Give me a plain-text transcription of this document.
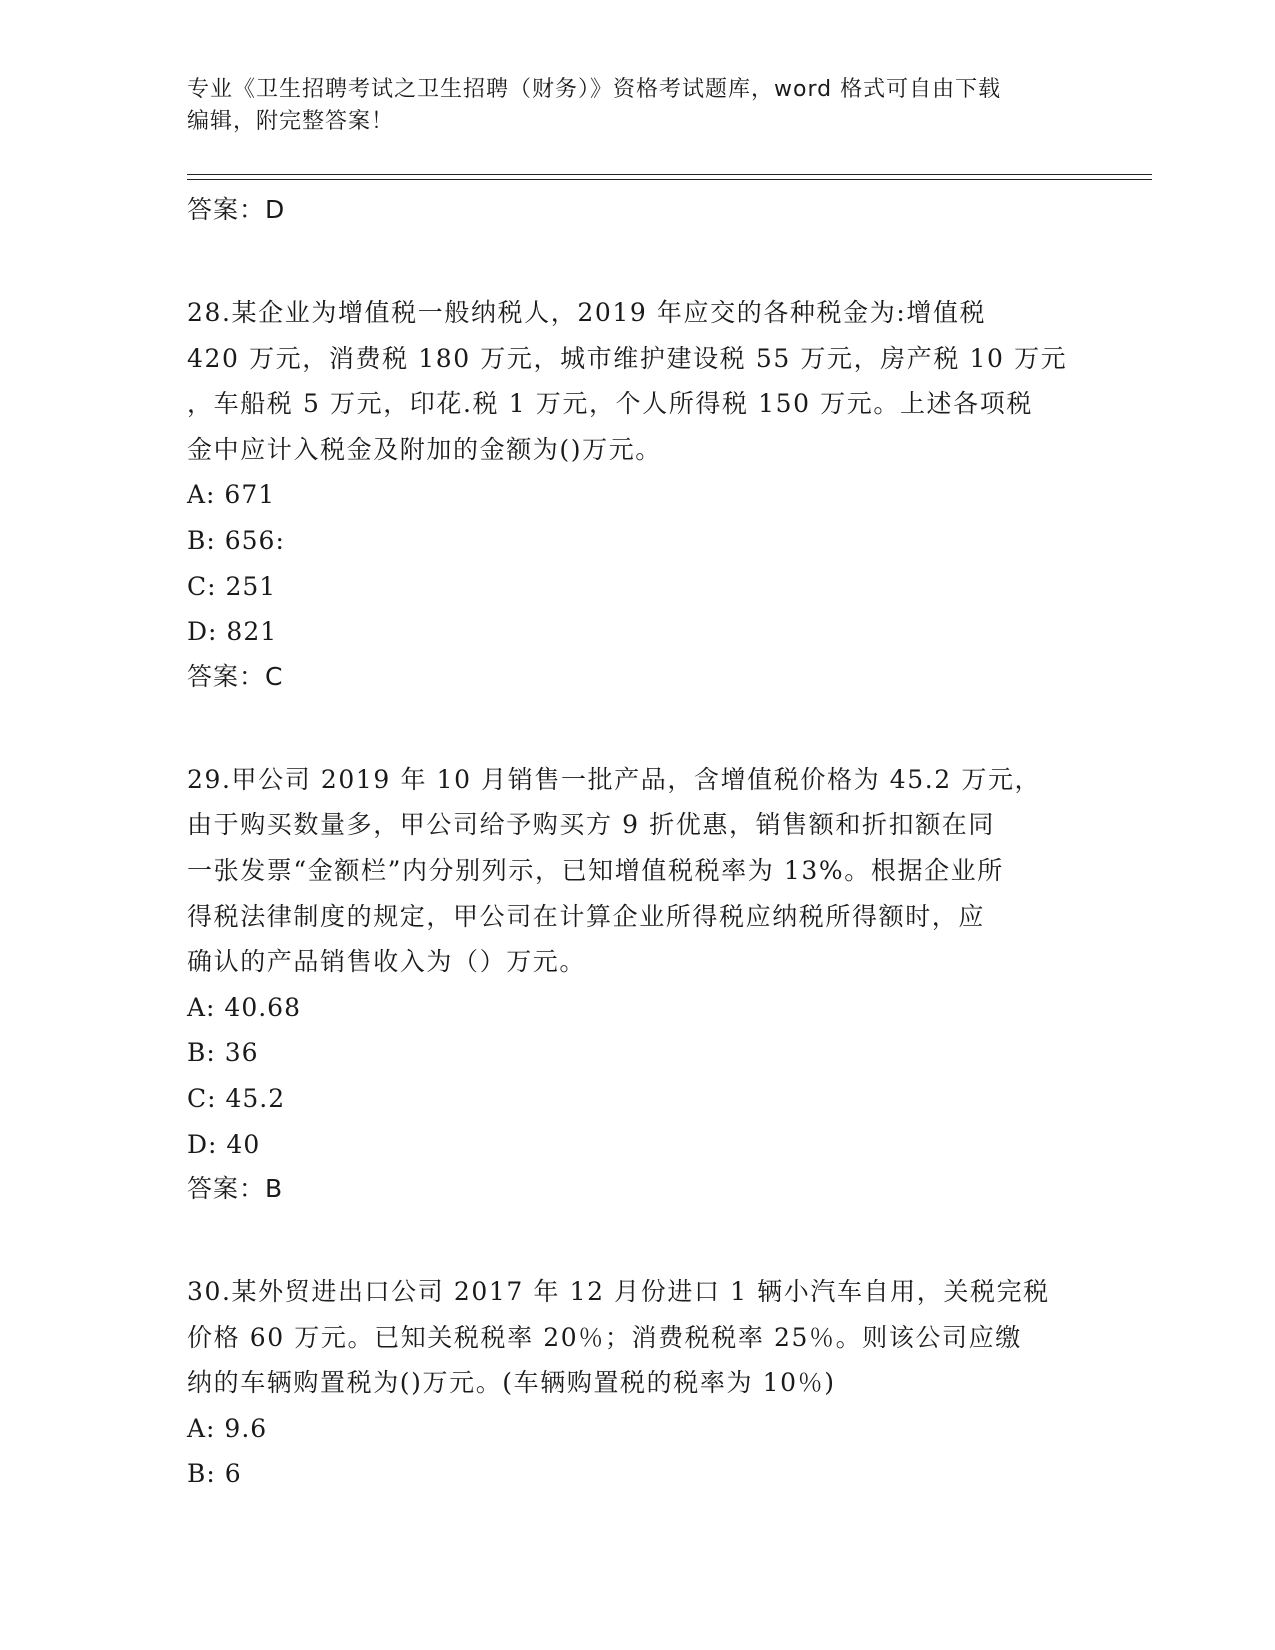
专业《卫生招聘考试之卫生招聘（财务）》资格考试题库，word 格式可自由下载
编辑，附完整答案！
答案：D
28.某企业为增值税一般纳税人，2019 年应交的各种税金为:增值税
420 万元，消费税 180 万元，城市维护建设税 55 万元，房产税 10 万元
，车船税 5 万元，印花.税 1 万元，个人所得税 150 万元。上述各项税
金中应计入税金及附加的金额为()万元。
A: 671
B: 656:
C: 251
D: 821
答案：C
29.甲公司 2019 年 10 月销售一批产品，含增值税价格为 45.2 万元，
由于购买数量多，甲公司给予购买方 9 折优惠，销售额和折扣额在同
一张发票“金额栏”内分别列示，已知增值税税率为 13%。根据企业所
得税法律制度的规定，甲公司在计算企业所得税应纳税所得额时，应
确认的产品销售收入为（）万元。
A: 40.68
B: 36
C: 45.2
D: 40
答案：B
30.某外贸进出口公司 2017 年 12 月份进口 1 辆小汽车自用，关税完税
价格 60 万元。已知关税税率 20％；消费税税率 25％。则该公司应缴
纳的车辆购置税为()万元。(车辆购置税的税率为 10％)
A: 9.6
B: 6
